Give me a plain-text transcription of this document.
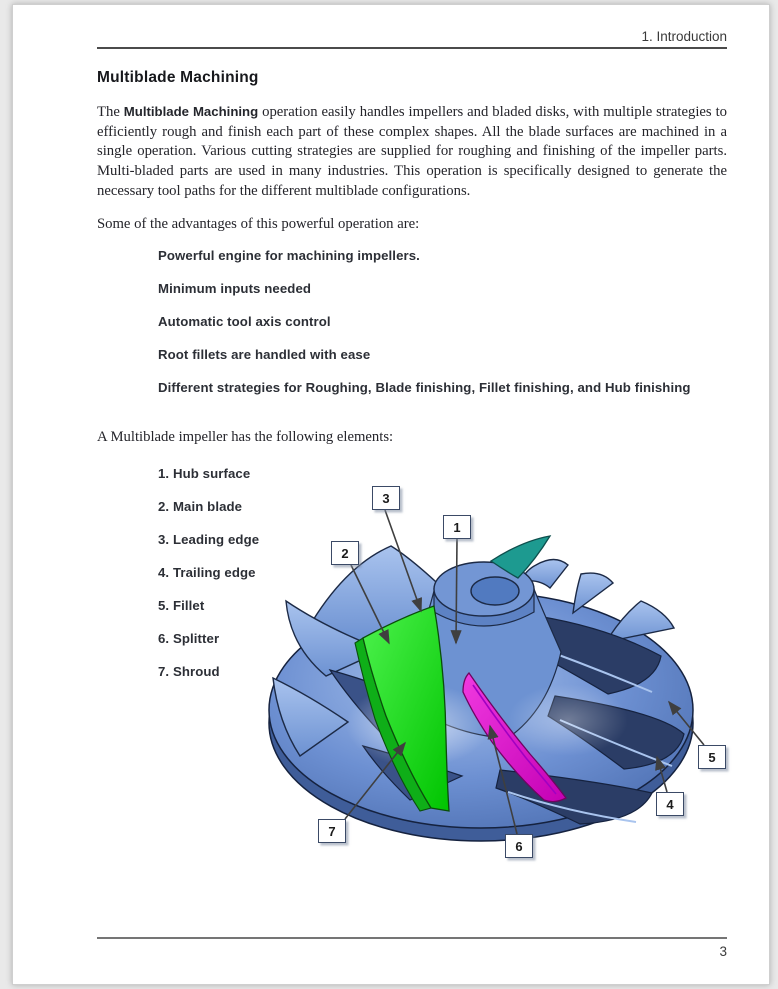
1. Introduction
Multiblade Machining

The Multiblade Machining operation easily handles impellers and bladed disks, with multiple strategies to efficiently rough and finish each part of these complex shapes. All the blade surfaces are machined in a single operation. Various cutting strategies are supplied for roughing and finishing of the impeller parts. Multi-bladed parts are used in many industries. This operation is specifically designed to generate the necessary tool paths for the different multiblade configurations.

Some of the advantages of this powerful operation are:

Powerful engine for machining impellers.
Minimum inputs needed
Automatic tool axis control
Root fillets are handled with ease
Different strategies for Roughing, Blade finishing, Fillet finishing, and Hub finishing

A Multiblade impeller has the following elements:

1. Hub surface
2. Main blade
3. Leading edge
4. Trailing edge
5. Fillet
6. Splitter
7. Shroud
1
2
3
4
5
6
7
3
